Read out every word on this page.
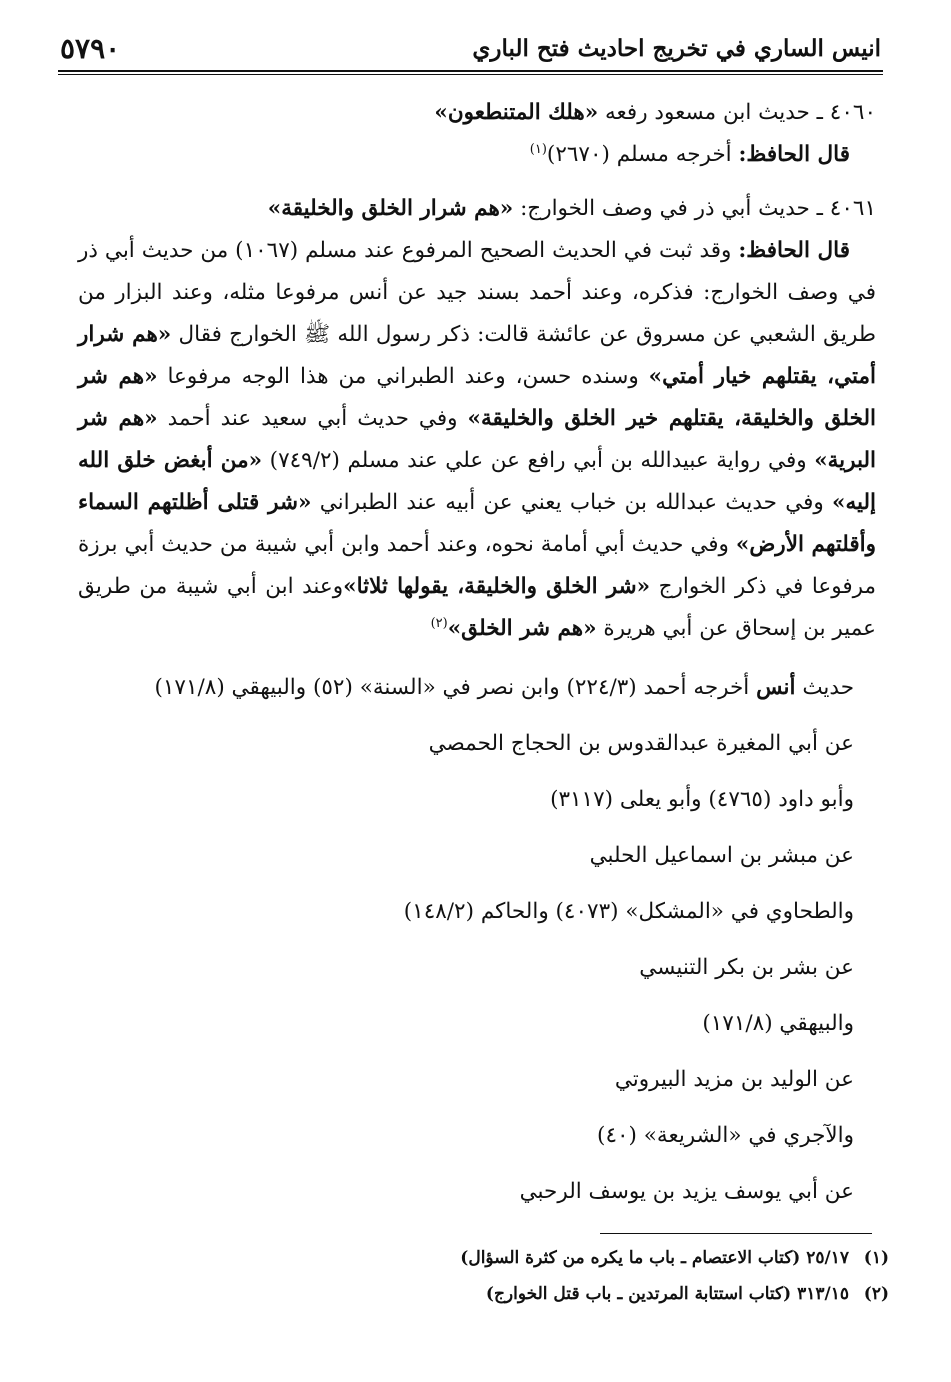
انيس الساري في تخريج احاديث فتح الباري
٥٧٩٠

٤٠٦٠ ـ حديث ابن مسعود رفعه «هلك المتنطعون»

قال الحافظ: أخرجه مسلم (٢٦٧٠)$^{(١)}$

٤٠٦١ ـ حديث أبي ذر في وصف الخوارج: «هم شرار الخلق والخليقة»

قال الحافظ: وقد ثبت في الحديث الصحيح المرفوع عند مسلم (١٠٦٧) من حديث أبي ذر في وصف الخوارج: فذكره، وعند أحمد بسند جيد عن أنس مرفوعا مثله، وعند البزار من طريق الشعبي عن مسروق عن عائشة قالت: ذكر رسول الله ﷺ الخوارج فقال «هم شرار أمتي، يقتلهم خيار أمتي» وسنده حسن، وعند الطبراني من هذا الوجه مرفوعا «هم شر الخلق والخليقة، يقتلهم خير الخلق والخليقة» وفي حديث أبي سعيد عند أحمد «هم شر البرية» وفي رواية عبيدالله بن أبي رافع عن علي عند مسلم (٧٤٩/٢) «من أبغض خلق الله إليه» وفي حديث عبدالله بن خباب يعني عن أبيه عند الطبراني «شر قتلى أظلتهم السماء وأقلتهم الأرض» وفي حديث أبي أمامة نحوه، وعند أحمد وابن أبي شيبة من حديث أبي برزة مرفوعا في ذكر الخوارج «شر الخلق والخليقة، يقولها ثلاثا»وعند ابن أبي شيبة من طريق عمير بن إسحاق عن أبي هريرة «هم شر الخلق»$^{(٢)}$

حديث أنس أخرجه أحمد (٢٢٤/٣) وابن نصر في «السنة» (٥٢) والبيهقي (١٧١/٨)

عن أبي المغيرة عبدالقدوس بن الحجاج الحمصي

وأبو داود (٤٧٦٥) وأبو يعلى (٣١١٧)

عن مبشر بن اسماعيل الحلبي

والطحاوي في «المشكل» (٤٠٧٣) والحاكم (١٤٨/٢)

عن بشر بن بكر التنيسي

والبيهقي (١٧١/٨)

عن الوليد بن مزيد البيروتي

والآجري في «الشريعة» (٤٠)

عن أبي يوسف يزيد بن يوسف الرحبي

(١)٢٥/١٧ (كتاب الاعتصام ـ باب ما يكره من كثرة السؤال)

(٢)٣١٣/١٥ (كتاب استتابة المرتدين ـ باب قتل الخوارج)
